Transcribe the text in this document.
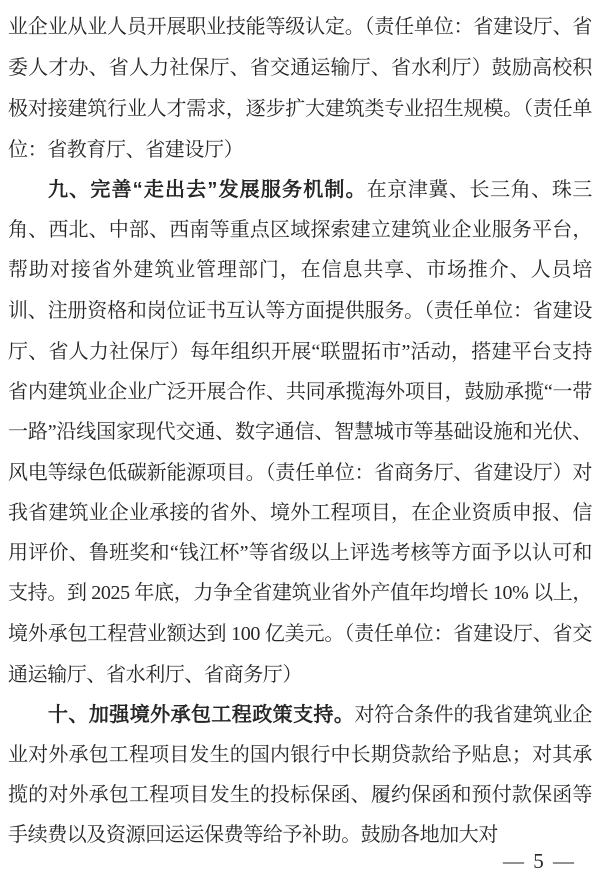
业企业从业人员开展职业技能等级认定。（责任单位：省建设厅、省委人才办、省人力社保厅、省交通运输厅、省水利厅）鼓励高校积极对接建筑行业人才需求，逐步扩大建筑类专业招生规模。（责任单位：省教育厅、省建设厅）

九、完善“走出去”发展服务机制。在京津冀、长三角、珠三角、西北、中部、西南等重点区域探索建立建筑业企业服务平台，帮助对接省外建筑业管理部门，在信息共享、市场推介、人员培训、注册资格和岗位证书互认等方面提供服务。（责任单位：省建设厅、省人力社保厅）每年组织开展“联盟拓市”活动，搭建平台支持省内建筑业企业广泛开展合作、共同承揽海外项目，鼓励承揽“一带一路”沿线国家现代交通、数字通信、智慧城市等基础设施和光伏、风电等绿色低碳新能源项目。（责任单位：省商务厅、省建设厅）对我省建筑业企业承接的省外、境外工程项目，在企业资质申报、信用评价、鲁班奖和“钱江杯”等省级以上评选考核等方面予以认可和支持。到 2025 年底，力争全省建筑业省外产值年均增长 10% 以上，境外承包工程营业额达到 100 亿美元。（责任单位：省建设厅、省交通运输厅、省水利厅、省商务厅）

十、加强境外承包工程政策支持。对符合条件的我省建筑业企业对外承包工程项目发生的国内银行中长期贷款给予贴息；对其承揽的对外承包工程项目发生的投标保函、履约保函和预付款保函等手续费以及资源回运运保费等给予补助。鼓励各地加大对

— 5 —
